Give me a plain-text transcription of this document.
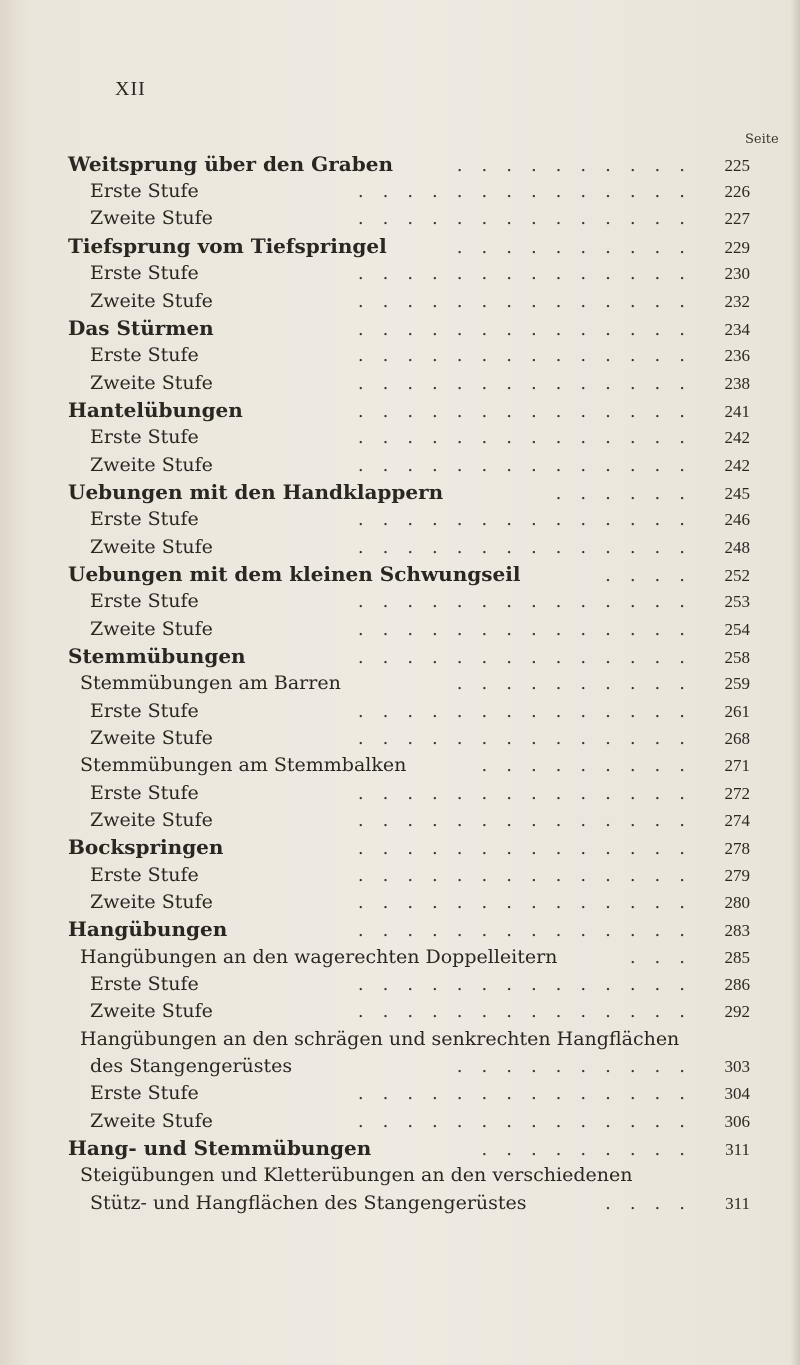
XII
Seite
Weitsprung über den Graben	..........	225
Erste Stufe	..............	226
Zweite Stufe	..............	227
Tiefsprung vom Tiefspringel	..........	229
Erste Stufe	..............	230
Zweite Stufe	..............	232
Das Stürmen	..............	234
Erste Stufe	..............	236
Zweite Stufe	..............	238
Hantelübungen	..............	241
Erste Stufe	..............	242
Zweite Stufe	..............	242
Uebungen mit den Handklappern	......	245
Erste Stufe	..............	246
Zweite Stufe	..............	248
Uebungen mit dem kleinen Schwungseil	....	252
Erste Stufe	..............	253
Zweite Stufe	..............	254
Stemmübungen	..............	258
Stemmübungen am Barren	..........	259
Erste Stufe	..............	261
Zweite Stufe	..............	268
Stemmübungen am Stemmbalken	.........	271
Erste Stufe	..............	272
Zweite Stufe	..............	274
Bockspringen	..............	278
Erste Stufe	..............	279
Zweite Stufe	..............	280
Hangübungen	..............	283
Hangübungen an den wagerechten Doppelleitern	...	285
Erste Stufe	..............	286
Zweite Stufe	..............	292
Hangübungen an den schrägen und senkrechten Hangflächen
des Stangengerüstes	..........	303
Erste Stufe	..............	304
Zweite Stufe	..............	306
Hang- und Stemmübungen	.........	311
Steigübungen und Kletterübungen an den verschiedenen
Stütz- und Hangflächen des Stangengerüstes	....	311
